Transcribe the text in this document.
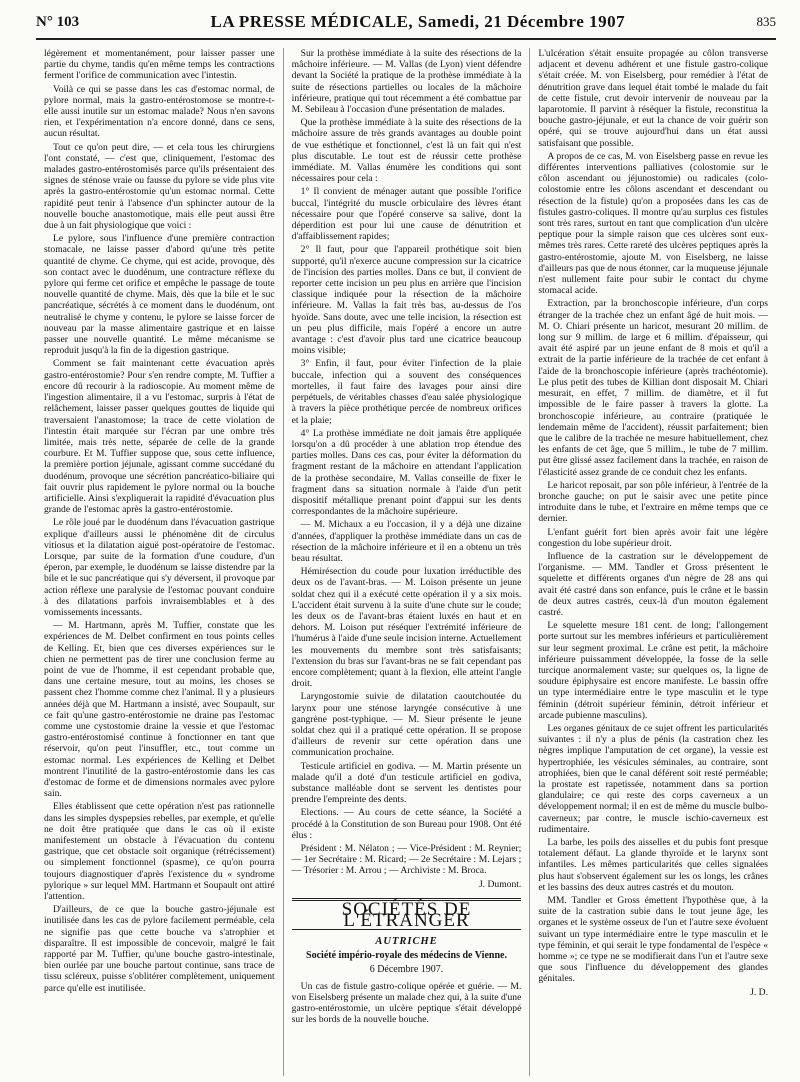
N° 103	LA PRESSE MÉDICALE, Samedi, 21 Décembre 1907	835

légèrement et momentanément, pour laisser passer une partie du chyme, tandis qu'en même temps les contractions ferment l'orifice de communication avec l'intestin.

Voilà ce qui se passe dans les cas d'estomac normal, de pylore normal, mais la gastro-entérostomose se montre-t-elle aussi inutile sur un estomac malade? Nous n'en savons rien, et l'expérimentation n'a encore donné, dans ce sens, aucun résultat.

Tout ce qu'on peut dire, — et cela tous les chirurgiens l'ont constaté, — c'est que, cliniquement, l'estomac des malades gastro-entérostomisés parce qu'ils présentaient des signes de sténose vraie ou fausse du pylore se vide plus vite après la gastro-entérostomie qu'un estomac normal. Cette rapidité peut tenir à l'absence d'un sphincter autour de la nouvelle bouche anastomotique, mais elle peut aussi être due à un fait physiologique que voici :

Le pylore, sous l'influence d'une première contraction stomacale, ne laisse passer d'abord qu'une très petite quantité de chyme. Ce chyme, qui est acide, provoque, dès son contact avec le duodénum, une contracture réflexe du pylore qui ferme cet orifice et empêche le passage de toute nouvelle quantité de chyme. Mais, dès que la bile et le suc pancréatique, sécrétés à ce moment dans le duodénum, ont neutralisé le chyme y contenu, le pylore se laisse forcer de nouveau par la masse alimentaire gastrique et en laisse passer une nouvelle quantité. Le même mécanisme se reproduit jusqu'à la fin de la digestion gastrique.

Comment se fait maintenant cette évacuation après gastro-entérostomie? Pour s'en rendre compte, M. Tuffier a encore dû recourir à la radioscopie. Au moment même de l'ingestion alimentaire, il a vu l'estomac, surpris à l'état de relâchement, laisser passer quelques gouttes de liquide qui traversaient l'anastomose; la trace de cette violation de l'intestin était marquée sur l'écran par une ombre très limitée, mais très nette, séparée de celle de la grande courbure. Et M. Tuffier suppose que, sous cette influence, la première portion jéjunale, agissant comme succédané du duodénum, provoque une sécrétion pancréatico-biliaire qui fait ouvrir plus rapidement le pylore normal ou la bouche artificielle. Ainsi s'expliquerait la rapidité d'évacuation plus grande de l'estomac après la gastro-entérostomie.

Le rôle joué par le duodénum dans l'évacuation gastrique explique d'ailleurs aussi le phénomène dit de circulus vitiosus et la dilatation aiguë post-opératoire de l'estomac. Lorsque, par suite de la formation d'une coudure, d'un éperon, par exemple, le duodénum se laisse distendre par la bile et le suc pancréatique qui s'y déversent, il provoque par action réflexe une paralysie de l'estomac pouvant conduire à des dilatations parfois invraisemblables et à des vomissements incessants.

— M. Hartmann, après M. Tuffier, constate que les expériences de M. Delbet confirment en tous points celles de Kelling. Et, bien que ces diverses expériences sur le chien ne permettent pas de tirer une conclusion ferme au point de vue de l'homme, il est cependant probable que, dans une certaine mesure, tout au moins, les choses se passent chez l'homme comme chez l'animal. Il y a plusieurs années déjà que M. Hartmann a insisté, avec Soupault, sur ce fait qu'une gastro-entérostomie ne draine pas l'estomac comme une cystostomie draine la vessie et que l'estomac gastro-entérostomisé continue à fonctionner en tant que réservoir, qu'on peut l'insuffler, etc., tout comme un estomac normal. Les expériences de Kelling et Delbet montrent l'inutilité de la gastro-entérostomie dans les cas d'estomac de forme et de dimensions normales avec pylore sain.

Elles établissent que cette opération n'est pas rationnelle dans les simples dyspepsies rebelles, par exemple, et qu'elle ne doit être pratiquée que dans le cas où il existe manifestement un obstacle à l'évacuation du contenu gastrique, que cet obstacle soit organique (rétrécissement) ou simplement fonctionnel (spasme), ce qu'on pourra toujours diagnostiquer d'après l'existence du « syndrome pylorique » sur lequel MM. Hartmann et Soupault ont attiré l'attention.

D'ailleurs, de ce que la bouche gastro-jéjunale est inutilisée dans les cas de pylore facilement perméable, cela ne signifie pas que cette bouche va s'atrophier et disparaître. Il est impossible de concevoir, malgré le fait rapporté par M. Tuffier, qu'une bouche gastro-intestinale, bien ourlée par une bouche partout continue, sans trace de tissu scléreux, puisse s'oblitérer complètement, uniquement parce qu'elle est inutilisée.

Sur la prothèse immédiate à la suite des résections de la mâchoire inférieure. — M. Vallas (de Lyon) vient défendre devant la Société la pratique de la prothèse immédiate à la suite de résections partielles ou locales de la mâchoire inférieure, pratique qui tout récemment a été combattue par M. Sebileau à l'occasion d'une présentation de malades.

Que la prothèse immédiate à la suite des résections de la mâchoire assure de très grands avantages au double point de vue esthétique et fonctionnel, c'est là un fait qui n'est plus discutable. Le tout est de réussir cette prothèse immédiate. M. Vallas énumère les conditions qui sont nécessaires pour cela :

1° Il convient de ménager autant que possible l'orifice buccal, l'intégrité du muscle orbiculaire des lèvres étant nécessaire pour que l'opéré conserve sa salive, dont la déperdition est pour lui une cause de dénutrition et d'affaiblissement rapides;

2° Il faut, pour que l'appareil prothétique soit bien supporté, qu'il n'exerce aucune compression sur la cicatrice de l'incision des parties molles. Dans ce but, il convient de reporter cette incision un peu plus en arrière que l'incision classique indiquée pour la résection de la mâchoire inférieure. M. Vallas la fait très bas, au-dessus de l'os hyoïde. Sans doute, avec une telle incision, la résection est un peu plus difficile, mais l'opéré a encore un autre avantage : c'est d'avoir plus tard une cicatrice beaucoup moins visible;

3° Enfin, il faut, pour éviter l'infection de la plaie buccale, infection qui a souvent des conséquences mortelles, il faut faire des lavages pour ainsi dire perpétuels, de véritables chasses d'eau salée physiologique à travers la pièce prothétique percée de nombreux orifices et la plaie;

4° La prothèse immédiate ne doit jamais être appliquée lorsqu'on a dû procéder à une ablation trop étendue des parties molles. Dans ces cas, pour éviter la déformation du fragment restant de la mâchoire en attendant l'application de la prothèse secondaire, M. Vallas conseille de fixer le fragment dans sa situation normale à l'aide d'un petit dispositif métallique prenant point d'appui sur les dents correspondantes de la mâchoire supérieure.

— M. Michaux a eu l'occasion, il y a déjà une dizaine d'années, d'appliquer la prothèse immédiate dans un cas de résection de la mâchoire inférieure et il en a obtenu un très beau résultat.

Hémirésection du coude pour luxation irréductible des deux os de l'avant-bras. — M. Loison présente un jeune soldat chez qui il a exécuté cette opération il y a six mois. L'accident était survenu à la suite d'une chute sur le coude; les deux os de l'avant-bras étaient luxés en haut et en dehors. M. Loison put réséquer l'extrémité inférieure de l'humérus à l'aide d'une seule incision interne. Actuellement les mouvements du membre sont très satisfaisants; l'extension du bras sur l'avant-bras ne se fait cependant pas encore complètement; quant à la flexion, elle atteint l'angle droit.

Laryngostomie suivie de dilatation caoutchoutée du larynx pour une sténose laryngée consécutive à une gangrène post-typhique. — M. Sieur présente le jeune soldat chez qui il a pratiqué cette opération. Il se propose d'ailleurs de revenir sur cette opération dans une communication prochaine.

Testicule artificiel en godiva. — M. Martin présente un malade qu'il a doté d'un testicule artificiel en godiva, substance malléable dont se servent les dentistes pour prendre l'empreinte des dents.

Elections. — Au cours de cette séance, la Société a procédé à la Constitution de son Bureau pour 1908. Ont été élus :

Président : M. Nélaton ; — Vice-Président : M. Reynier; — 1er Secrétaire : M. Ricard; — 2e Secrétaire : M. Lejars ; — Trésorier : M. Arrou ; — Archiviste : M. Broca.

J. Dumont.

SOCIÉTÉS DE L'ÉTRANGER
AUTRICHE
Société império-royale des médecins de Vienne.
6 Décembre 1907.

Un cas de fistule gastro-colique opérée et guérie. — M. von Eiselsberg présente un malade chez qui, à la suite d'une gastro-entérostomie, un ulcère peptique s'était développé sur les bords de la nouvelle bouche.

L'ulcération s'était ensuite propagée au côlon transverse adjacent et devenu adhérent et une fistule gastro-colique s'était créée. M. von Eiselsberg, pour remédier à l'état de dénutrition grave dans lequel était tombé le malade du fait de cette fistule, crut devoir intervenir de nouveau par la laparotomie. Il parvint à réséquer la fistule, reconstitua la bouche gastro-jéjunale, et eut la chance de voir guérir son opéré, qui se trouve aujourd'hui dans un état aussi satisfaisant que possible.

A propos de ce cas, M. von Eiselsberg passe en revue les différentes interventions palliatives (colostomie sur le côlon ascendant ou jéjunostomie) ou radicales (colo-colostomie entre les côlons ascendant et descendant ou résection de la fistule) qu'on a proposées dans les cas de fistules gastro-coliques. Il montre qu'au surplus ces fistules sont très rares, surtout en tant que complication d'un ulcère peptique pour la simple raison que ces ulcères sont eux-mêmes très rares. Cette rareté des ulcères peptiques après la gastro-entérostomie, ajoute M. von Eiselsberg, ne laisse d'ailleurs pas que de nous étonner, car la muqueuse jéjunale n'est nullement faite pour subir le contact du chyme stomacal acide.

Extraction, par la bronchoscopie inférieure, d'un corps étranger de la trachée chez un enfant âgé de huit mois. — M. O. Chiari présente un haricot, mesurant 20 millim. de long sur 9 millim. de large et 6 millim. d'épaisseur, qui avait été aspiré par un jeune enfant de 8 mois et qu'il a extrait de la partie inférieure de la trachée de cet enfant à l'aide de la bronchoscopie inférieure (après trachéotomie). Le plus petit des tubes de Killian dont disposait M. Chiari mesurait, en effet, 7 millim. de diamètre, et il fut impossible de le faire passer à travers la glotte. La bronchoscopie inférieure, au contraire (pratiquée le lendemain même de l'accident), réussit parfaitement; bien que le calibre de la trachée ne mesure habituellement, chez les enfants de cet âge, que 5 millim., le tube de 7 millim. put être glissé assez facilement dans la trachée, en raison de l'élasticité assez grande de ce conduit chez les enfants.

Le haricot reposait, par son pôle inférieur, à l'entrée de la bronche gauche; on put le saisir avec une petite pince introduite dans le tube, et l'extraire en même temps que ce dernier.

L'enfant guérit fort bien après avoir fait une légère congestion du lobe supérieur droit.

Influence de la castration sur le développement de l'organisme. — MM. Tandler et Gross présentent le squelette et différents organes d'un nègre de 28 ans qui avait été castré dans son enfance, puis le crâne et le bassin de deux autres castrés, ceux-là d'un mouton également castré.

Le squelette mesure 181 cent. de long; l'allongement porte surtout sur les membres inférieurs et particulièrement sur leur segment proximal. Le crâne est petit, la mâchoire inférieure puissamment développée, la fosse de la selle turcique anormalement vaste; sur quelques os, la ligne de soudure épiphysaire est encore manifeste. Le bassin offre un type intermédiaire entre le type masculin et le type féminin (détroit supérieur féminin, détroit inférieur et arcade pubienne masculins).

Les organes génitaux de ce sujet offrent les particularités suivantes : il n'y a plus de pénis (la castration chez les nègres implique l'amputation de cet organe), la vessie est hypertrophiée, les vésicules séminales, au contraire, sont atrophiées, bien que le canal déférent soit resté perméable; la prostate est rapetissée, notamment dans sa portion glandulaire; ce qui reste des corps caverneux a un développement normal; il en est de même du muscle bulbo-caverneux; par contre, le muscle ischio-caverneux est rudimentaire.

La barbe, les poils des aisselles et du pubis font presque totalement défaut. La glande thyroïde et le larynx sont infantiles. Les mêmes particularités que celles signalées plus haut s'observent également sur les os longs, les crânes et les bassins des deux autres castrés et du mouton.

MM. Tandler et Gross émettent l'hypothèse que, à la suite de la castration subie dans le tout jeune âge, les organes et le système osseux de l'un et l'autre sexe évoluent suivant un type intermédiaire entre le type masculin et le type féminin, et qui serait le type fondamental de l'espèce « homme »; ce type ne se modifierait dans l'un et l'autre sexe que sous l'influence du développement des glandes génitales.

J. D.
